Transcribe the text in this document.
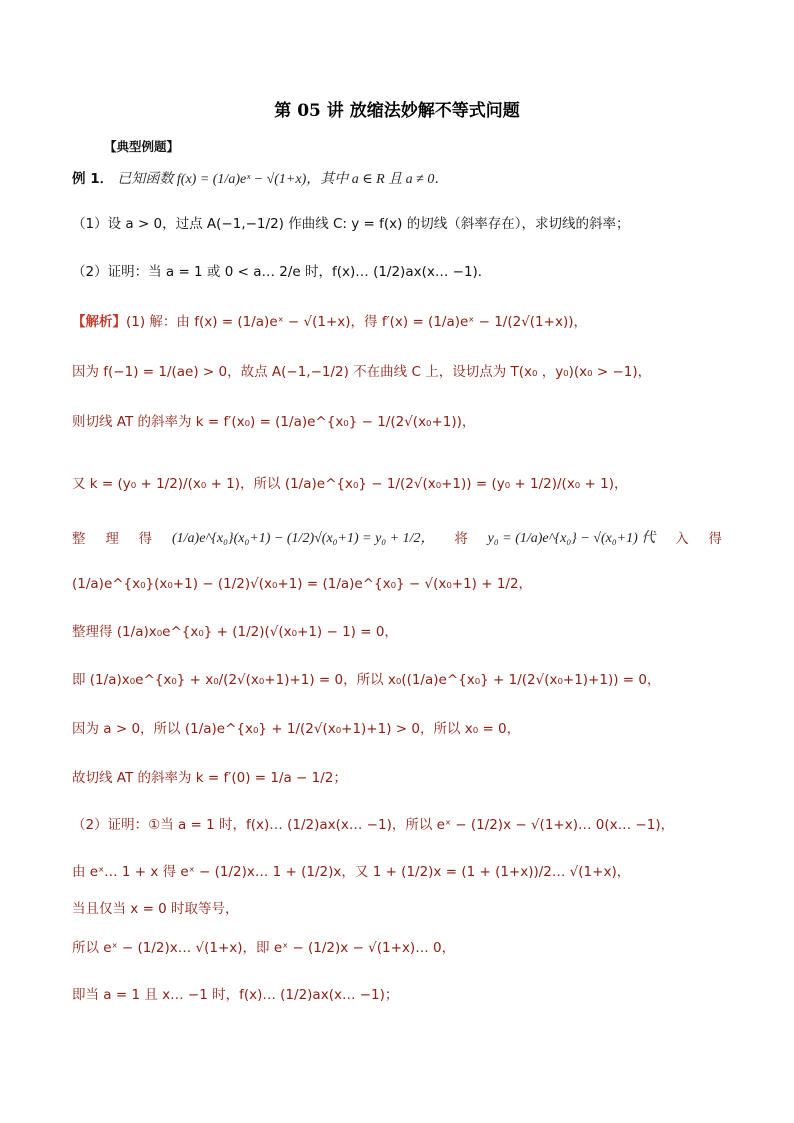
第 05 讲 放缩法妙解不等式问题
【典型例题】
例 1． 已知函数 f(x) = (1/a)eˣ − √(1+x)，其中 a ∈ R 且 a ≠ 0．
（1）设 a > 0，过点 A(−1,−1/2) 作曲线 C: y = f(x) 的切线（斜率存在），求切线的斜率；
（2）证明：当 a = 1 或 0 < a… 2/e 时，f(x)… (1/2)ax(x… −1)．
【解析】(1) 解：由 f(x) = (1/a)eˣ − √(1+x)，得 f′(x) = (1/a)eˣ − 1/(2√(1+x))，
因为 f(−1) = 1/(ae) > 0，故点 A(−1,−1/2) 不在曲线 C 上，设切点为 T(x₀ ，y₀)(x₀ > −1)，
则切线 AT 的斜率为 k = f′(x₀) = (1/a)e^{x₀} − 1/(2√(x₀+1))，
又 k = (y₀ + 1/2)/(x₀ + 1)，所以 (1/a)e^{x₀} − 1/(2√(x₀+1)) = (y₀ + 1/2)/(x₀ + 1)，
整 理 得 (1/a)e^{x₀}(x₀+1) − (1/2)√(x₀+1) = y₀ + 1/2， 将 y₀ = (1/a)e^{x₀} − √(x₀+1) 代 入 得
(1/a)e^{x₀}(x₀+1) − (1/2)√(x₀+1) = (1/a)e^{x₀} − √(x₀+1) + 1/2，
整理得 (1/a)x₀e^{x₀} + (1/2)(√(x₀+1) − 1) = 0，
即 (1/a)x₀e^{x₀} + x₀/(2√(x₀+1)+1) = 0，所以 x₀((1/a)e^{x₀} + 1/(2√(x₀+1)+1)) = 0，
因为 a > 0，所以 (1/a)e^{x₀} + 1/(2√(x₀+1)+1) > 0，所以 x₀ = 0，
故切线 AT 的斜率为 k = f′(0) = 1/a − 1/2；
（2）证明：①当 a = 1 时，f(x)… (1/2)ax(x… −1)，所以 eˣ − (1/2)x − √(1+x)… 0(x… −1)，
由 eˣ… 1 + x 得 eˣ − (1/2)x… 1 + (1/2)x，又 1 + (1/2)x = (1 + (1+x))/2… √(1+x)，
当且仅当 x = 0 时取等号，
所以 eˣ − (1/2)x… √(1+x)，即 eˣ − (1/2)x − √(1+x)… 0，
即当 a = 1 且 x… −1 时，f(x)… (1/2)ax(x… −1)；
